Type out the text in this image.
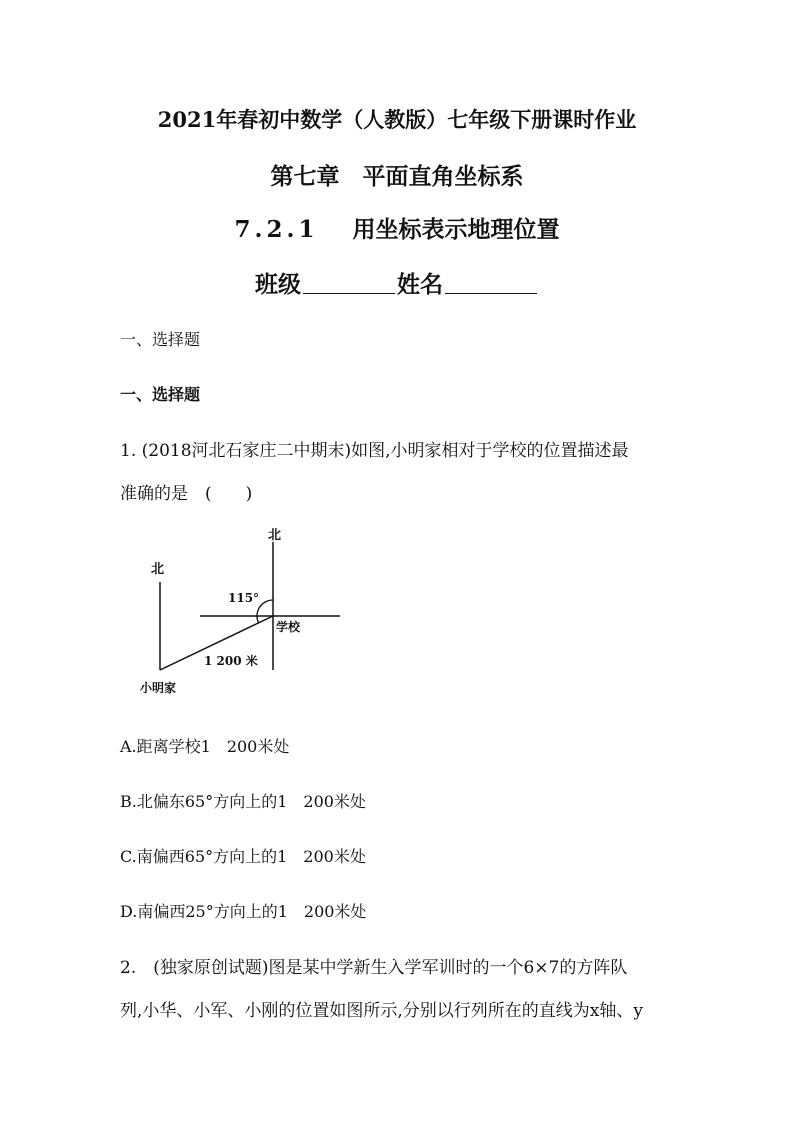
2021年春初中数学（人教版）七年级下册课时作业
第七章　平面直角坐标系
7.2.1 用坐标表示地理位置
班级	姓名
一、选择题
一、选择题
1. (2018河北石家庄二中期末)如图,小明家相对于学校的位置描述最
准确的是　(　　)
北
北
115°
学校
1 200 米
小明家
A.距离学校1　200米处
B.北偏东65°方向上的1　200米处
C.南偏西65°方向上的1　200米处
D.南偏西25°方向上的1　200米处
2.　(独家原创试题)图是某中学新生入学军训时的一个6×7的方阵队
列,小华、小军、小刚的位置如图所示,分别以行列所在的直线为x轴、y
